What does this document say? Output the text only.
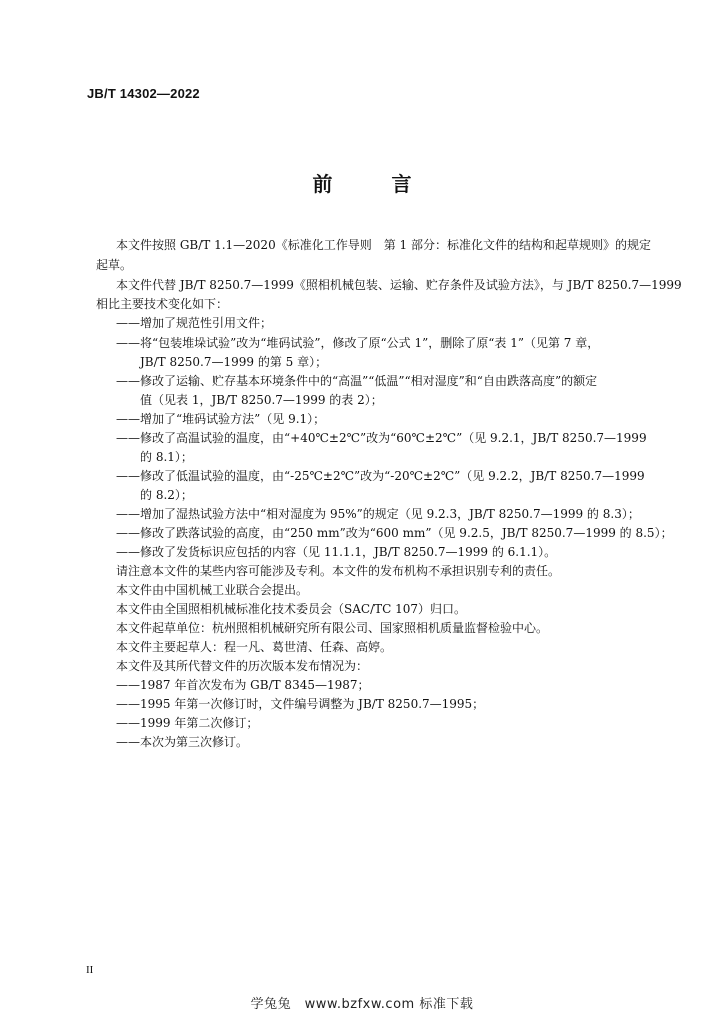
JB/T 14302—2022
前 言
本文件按照 GB/T 1.1—2020《标准化工作导则　第 1 部分：标准化文件的结构和起草规则》的规定
起草。
本文件代替 JB/T 8250.7—1999《照相机械包装、运输、贮存条件及试验方法》，与 JB/T 8250.7—1999
相比主要技术变化如下：
——增加了规范性引用文件；
——将“包装堆垛试验”改为“堆码试验”，修改了原“公式 1”，删除了原“表 1”（见第 7 章，
JB/T 8250.7—1999 的第 5 章）；
——修改了运输、贮存基本环境条件中的“高温”“低温”“相对湿度”和“自由跌落高度”的额定
值（见表 1，JB/T 8250.7—1999 的表 2）；
——增加了“堆码试验方法”（见 9.1）；
——修改了高温试验的温度，由“+40℃±2℃”改为“60℃±2℃”（见 9.2.1，JB/T 8250.7—1999
的 8.1）；
——修改了低温试验的温度，由“-25℃±2℃”改为“-20℃±2℃”（见 9.2.2，JB/T 8250.7—1999
的 8.2）；
——增加了湿热试验方法中“相对湿度为 95%”的规定（见 9.2.3，JB/T 8250.7—1999 的 8.3）；
——修改了跌落试验的高度，由“250 mm”改为“600 mm”（见 9.2.5，JB/T 8250.7—1999 的 8.5）；
——修改了发货标识应包括的内容（见 11.1.1，JB/T 8250.7—1999 的 6.1.1）。
请注意本文件的某些内容可能涉及专利。本文件的发布机构不承担识别专利的责任。
本文件由中国机械工业联合会提出。
本文件由全国照相机械标准化技术委员会（SAC/TC 107）归口。
本文件起草单位：杭州照相机械研究所有限公司、国家照相机质量监督检验中心。
本文件主要起草人：程一凡、葛世清、任森、高婷。
本文件及其所代替文件的历次版本发布情况为：
——1987 年首次发布为 GB/T 8345—1987；
——1995 年第一次修订时，文件编号调整为 JB/T 8250.7—1995；
——1999 年第二次修订；
——本次为第三次修订。
II
学兔兔　www.bzfxw.com 标准下载
